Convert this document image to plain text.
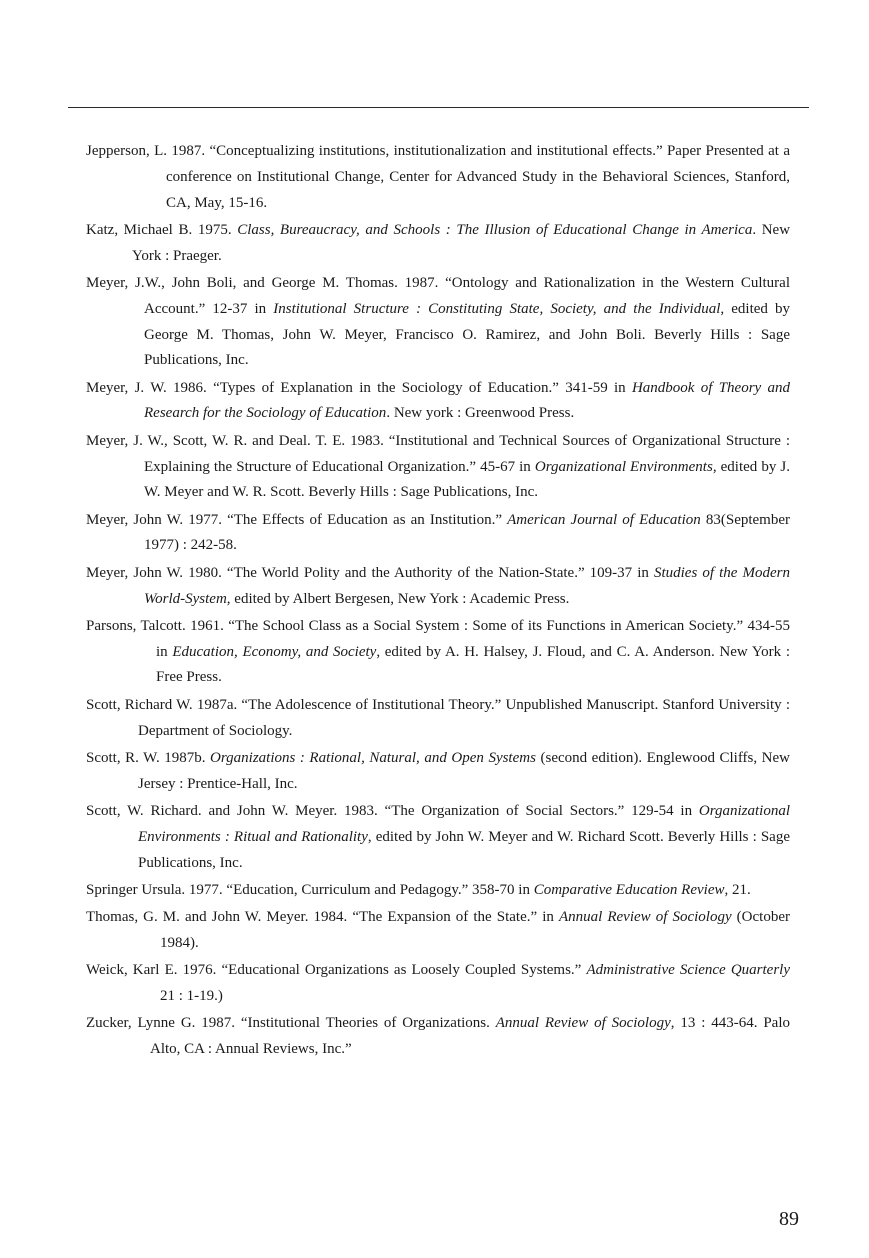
Jepperson, L. 1987. “Conceptualizing institutions, institutionalization and institutional effects.” Paper Presented at a conference on Institutional Change, Center for Advanced Study in the Behavioral Sciences, Stanford, CA, May, 15-16.
Katz, Michael B. 1975. Class, Bureaucracy, and Schools : The Illusion of Educational Change in America. New York : Praeger.
Meyer, J.W., John Boli, and George M. Thomas. 1987. “Ontology and Rationalization in the Western Cultural Account.” 12-37 in Institutional Structure : Constituting State, Society, and the Individual, edited by George M. Thomas, John W. Meyer, Francisco O. Ramirez, and John Boli. Beverly Hills : Sage Publications, Inc.
Meyer, J. W. 1986. “Types of Explanation in the Sociology of Education.” 341-59 in Handbook of Theory and Research for the Sociology of Education. New york : Greenwood Press.
Meyer, J. W., Scott, W. R. and Deal. T. E. 1983. “Institutional and Technical Sources of Organizational Structure : Explaining the Structure of Educational Organization.” 45-67 in Organizational Environments, edited by J. W. Meyer and W. R. Scott. Beverly Hills : Sage Publications, Inc.
Meyer, John W. 1977. “The Effects of Education as an Institution.” American Journal of Education 83(September 1977) : 242-58.
Meyer, John W. 1980. “The World Polity and the Authority of the Nation-State.” 109-37 in Studies of the Modern World-System, edited by Albert Bergesen, New York : Academic Press.
Parsons, Talcott. 1961. “The School Class as a Social System : Some of its Functions in American Society.” 434-55 in Education, Economy, and Society, edited by A. H. Halsey, J. Floud, and C. A. Anderson. New York : Free Press.
Scott, Richard W. 1987a. “The Adolescence of Institutional Theory.” Unpublished Manuscript. Stanford University : Department of Sociology.
Scott, R. W. 1987b. Organizations : Rational, Natural, and Open Systems (second edition). Englewood Cliffs, New Jersey : Prentice-Hall, Inc.
Scott, W. Richard. and John W. Meyer. 1983. “The Organization of Social Sectors.” 129-54 in Organizational Environments : Ritual and Rationality, edited by John W. Meyer and W. Richard Scott. Beverly Hills : Sage Publications, Inc.
Springer Ursula. 1977. “Education, Curriculum and Pedagogy.” 358-70 in Comparative Education Review, 21.
Thomas, G. M. and John W. Meyer. 1984. “The Expansion of the State.” in Annual Review of Sociology (October 1984).
Weick, Karl E. 1976. “Educational Organizations as Loosely Coupled Systems.” Administrative Science Quarterly 21 : 1-19.)
Zucker, Lynne G. 1987. “Institutional Theories of Organizations. Annual Review of Sociology, 13 : 443-64. Palo Alto, CA : Annual Reviews, Inc.”
89
